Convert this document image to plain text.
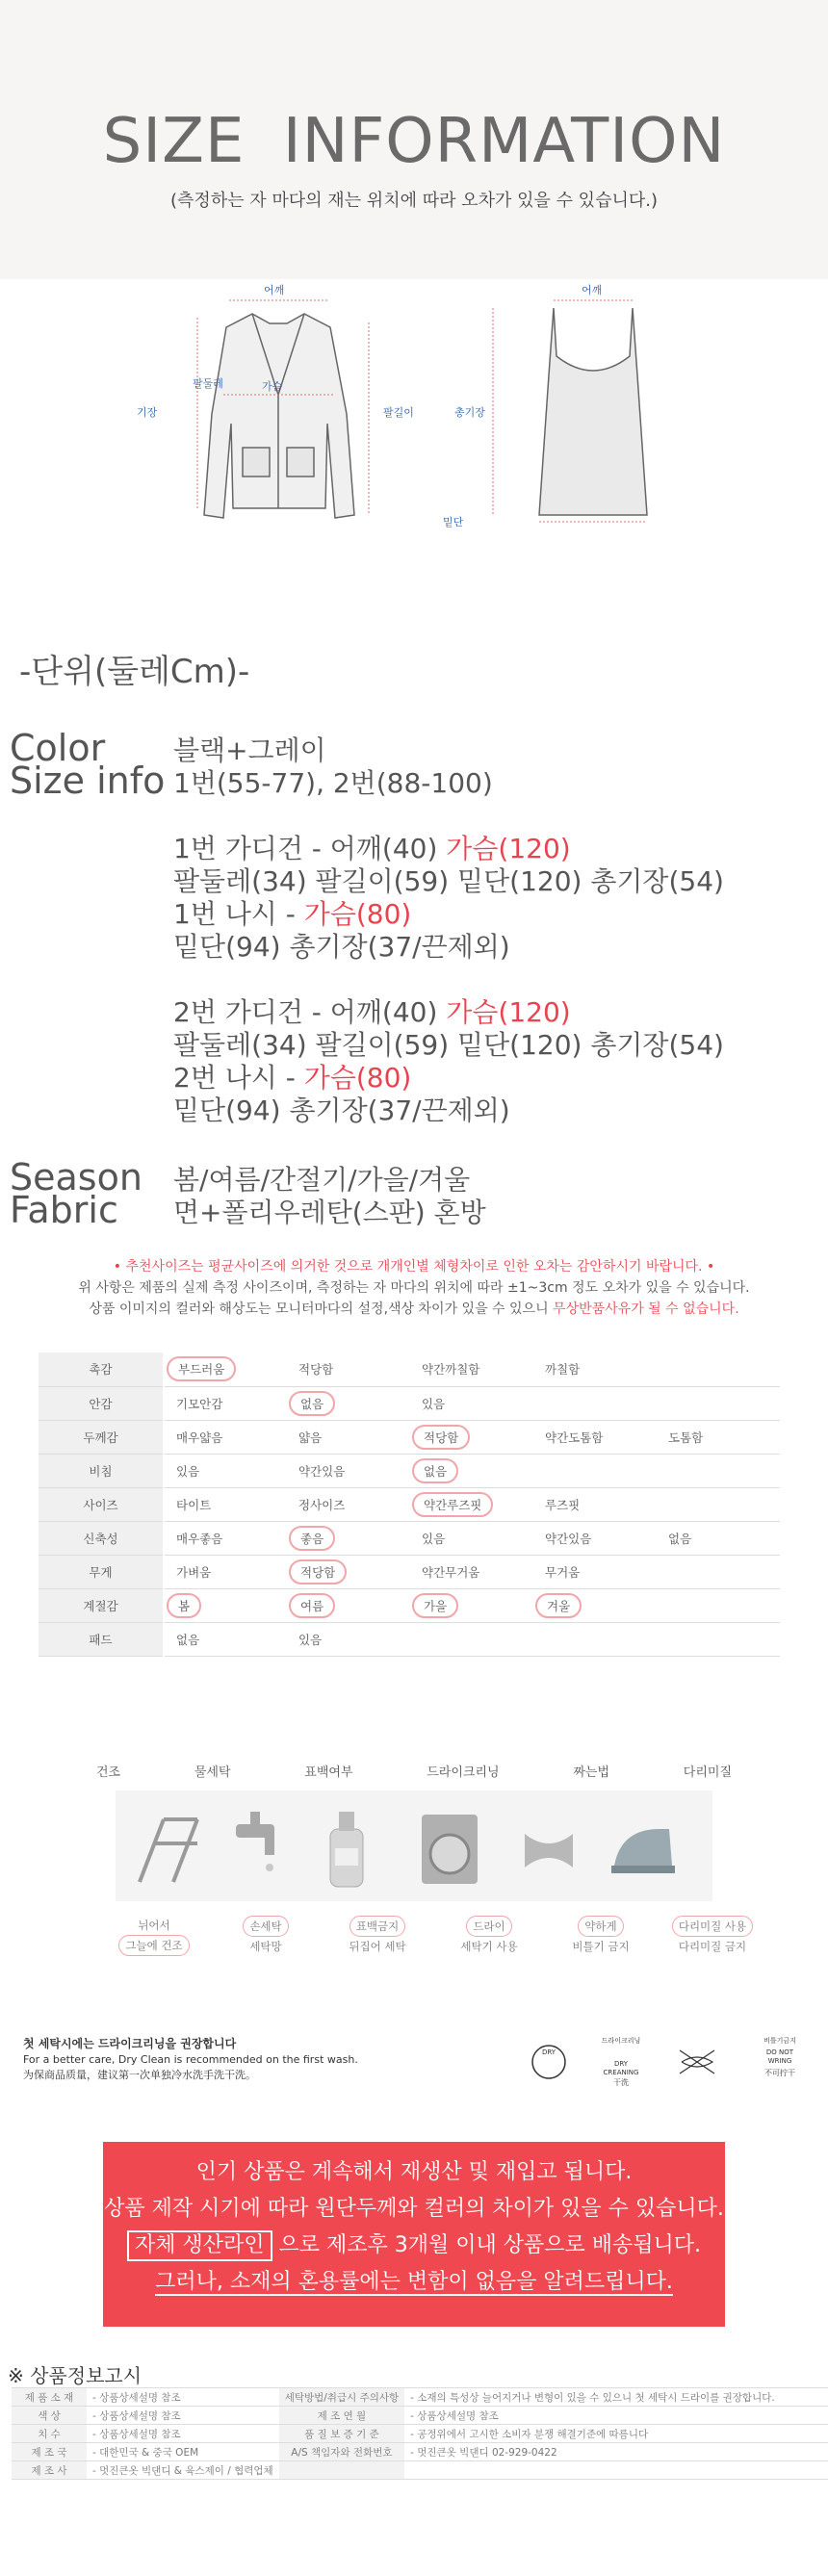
SIZE INFORMATION

(측정하는 자 마다의 재는 위치에 따라 오차가 있을 수 있습니다.)

어깨
기장
팔둘레	가슴
팔길이
어깨
총기장
밑단
-단위(둘레Cm)-
Color	블랙+그레이
Size info 1번(55-77), 2번(88-100)
1번 가디건 - 어깨(40) 가슴(120)
팔둘레(34) 팔길이(59) 밑단(120) 총기장(54)
1번 나시 - 가슴(80)
밑단(94) 총기장(37/끈제외)
2번 가디건 - 어깨(40) 가슴(120)
팔둘레(34) 팔길이(59) 밑단(120) 총기장(54)
2번 나시 - 가슴(80)
밑단(94) 총기장(37/끈제외)
Season 봄/여름/간절기/가을/겨울
Fabric 면+폴리우레탄(스판) 혼방
• 추천사이즈는 평균사이즈에 의거한 것으로 개개인별 체형차이로 인한 오차는 감안하시기 바랍니다. •
위 사항은 제품의 실제 측정 사이즈이며, 측정하는 자 마다의 위치에 따라 ±1~3cm 정도 오차가 있을 수 있습니다.
상품 이미지의 컬러와 해상도는 모니터마다의 설정,색상 차이가 있을 수 있으니 무상반품사유가 될 수 없습니다.
촉감	부드러움	적당함	약간까칠함	까칠함	
안감	기모안감	없음	있음		
두께감	매우얇음	얇음	적당함	약간도톰함	도톰함
비침	있음	약간있음	없음		
사이즈	타이트	정사이즈	약간루즈핏	루즈핏	
신축성	매우좋음	좋음	있음	약간있음	없음
무게	가벼움	적당함	약간무거움	무거움	
계절감	봄	여름	가을	겨울	
패드	없음	있음			
건조	물세탁	표백여부	드라이크리닝	짜는법	다리미질
뉘어서
그늘에 건조
손세탁
세탁망
표백금지
뒤집어 세탁
드라이
세탁기 사용
약하게
비틀기 금지
다리미질 사용
다리미질 금지
첫 세탁시에는 드라이크리닝을 권장합니다
For a better care, Dry Clean is recommended on the first wash.
为保商品质量，建议第一次单独冷水洗手洗干洗。
DRY
드라이크리닝
DRY
CREANING
干洗
비틀기금지
DO NOT
WRING
不可拧干
인기 상품은 계속해서 재생산 및 재입고 됩니다.
상품 제작 시기에 따라 원단두께와 컬러의 차이가 있을 수 있습니다.
자체 생산라인 으로 제조후 3개월 이내 상품으로 배송됩니다.
그러나, 소재의 혼용률에는 변함이 없음을 알려드립니다.
※ 상품정보고시
제 품 소 재	- 상품상세설명 참조	세탁방법/취급시 주의사항	- 소재의 특성상 늘어지거나 변형이 있을 수 있으니 첫 세탁시 드라이를 권장합니다.
색 상	- 상품상세설명 참조	제 조 연 월	- 상품상세설명 참조
치 수	- 상품상세설명 참조	품 질 보 증 기 준	- 공정위에서 고시한 소비자 분쟁 해결기준에 따름니다
제 조 국	- 대한민국 & 중국 OEM	A/S 책임자와 전화번호	- 멋진큰옷 빅댄디 02-929-0422
제 조 사	- 멋진큰옷 빅댄디 & 육스제이 / 협력업체		
